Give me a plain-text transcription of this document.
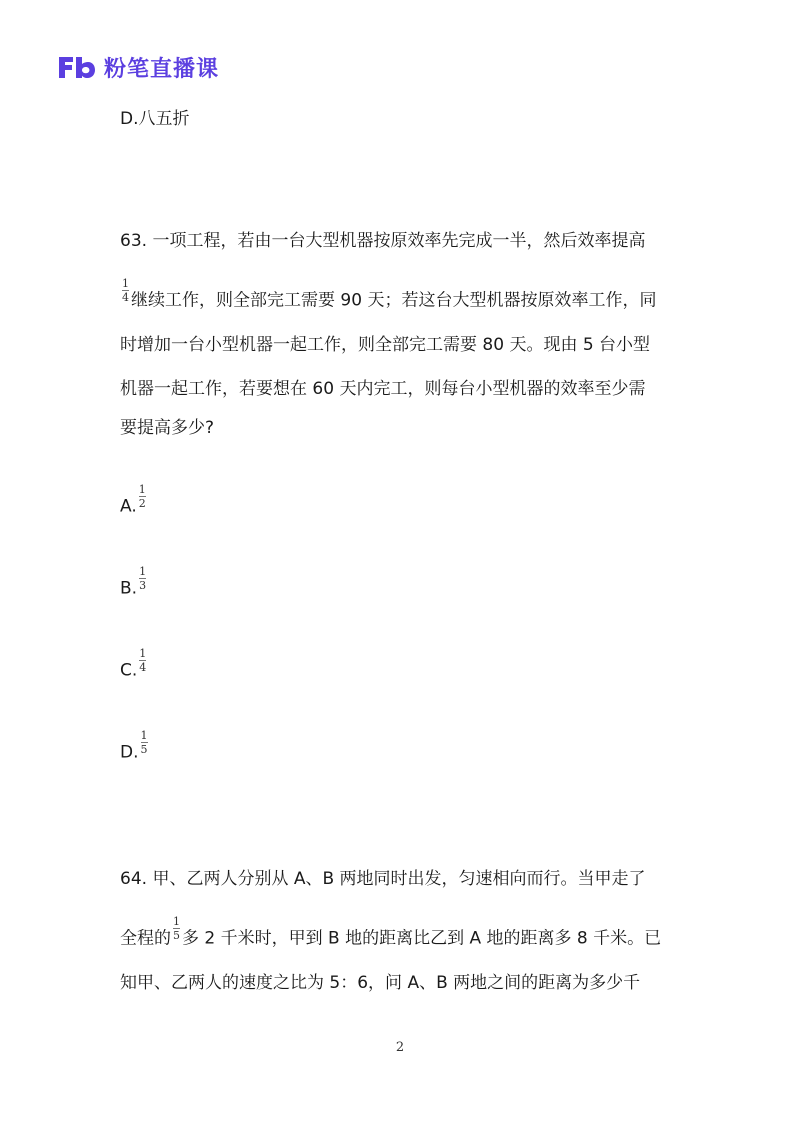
粉笔直播课
D.八五折
63. 一项工程，若由一台大型机器按原效率先完成一半，然后效率提高
$\frac{1}{4}$ 继续工作，则全部完工需要 90 天；若这台大型机器按原效率工作，同
时增加一台小型机器一起工作，则全部完工需要 80 天。现由 5 台小型
机器一起工作，若要想在 60 天内完工，则每台小型机器的效率至少需
要提高多少?
A. $\frac{1}{2}$
B. $\frac{1}{3}$
C. $\frac{1}{4}$
D. $\frac{1}{5}$
64. 甲、乙两人分别从 A、B 两地同时出发，匀速相向而行。当甲走了
全程的 $\frac{1}{5}$ 多 2 千米时，甲到 B 地的距离比乙到 A 地的距离多 8 千米。已
知甲、乙两人的速度之比为 5：6，问 A、B 两地之间的距离为多少千
2
